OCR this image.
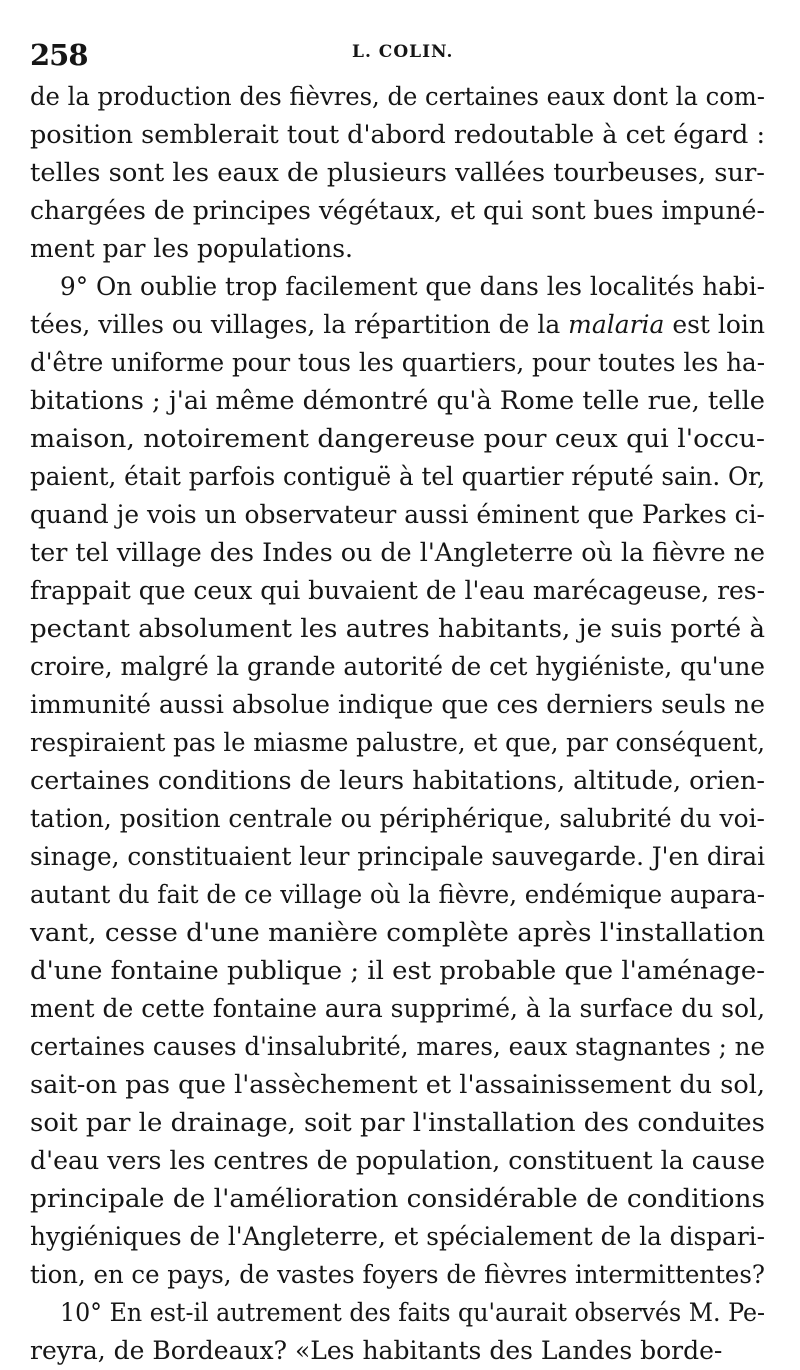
258	L. COLIN.
de la production des fièvres, de certaines eaux dont la com-
position semblerait tout d'abord redoutable à cet égard :
telles sont les eaux de plusieurs vallées tourbeuses, sur-
chargées de principes végétaux, et qui sont bues impuné-
ment par les populations.
9° On oublie trop facilement que dans les localités habi-
tées, villes ou villages, la répartition de la malaria est loin
d'être uniforme pour tous les quartiers, pour toutes les ha-
bitations ; j'ai même démontré qu'à Rome telle rue, telle
maison, notoirement dangereuse pour ceux qui l'occu-
paient, était parfois contiguë à tel quartier réputé sain. Or,
quand je vois un observateur aussi éminent que Parkes ci-
ter tel village des Indes ou de l'Angleterre où la fièvre ne
frappait que ceux qui buvaient de l'eau marécageuse, res-
pectant absolument les autres habitants, je suis porté à
croire, malgré la grande autorité de cet hygiéniste, qu'une
immunité aussi absolue indique que ces derniers seuls ne
respiraient pas le miasme palustre, et que, par conséquent,
certaines conditions de leurs habitations, altitude, orien-
tation, position centrale ou périphérique, salubrité du voi-
sinage, constituaient leur principale sauvegarde. J'en dirai
autant du fait de ce village où la fièvre, endémique aupara-
vant, cesse d'une manière complète après l'installation
d'une fontaine publique ; il est probable que l'aménage-
ment de cette fontaine aura supprimé, à la surface du sol,
certaines causes d'insalubrité, mares, eaux stagnantes ; ne
sait-on pas que l'assèchement et l'assainissement du sol,
soit par le drainage, soit par l'installation des conduites
d'eau vers les centres de population, constituent la cause
principale de l'amélioration considérable de conditions
hygiéniques de l'Angleterre, et spécialement de la dispari-
tion, en ce pays, de vastes foyers de fièvres intermittentes?
10° En est-il autrement des faits qu'aurait observés M. Pe-
reyra, de Bordeaux? «Les habitants des Landes borde-
